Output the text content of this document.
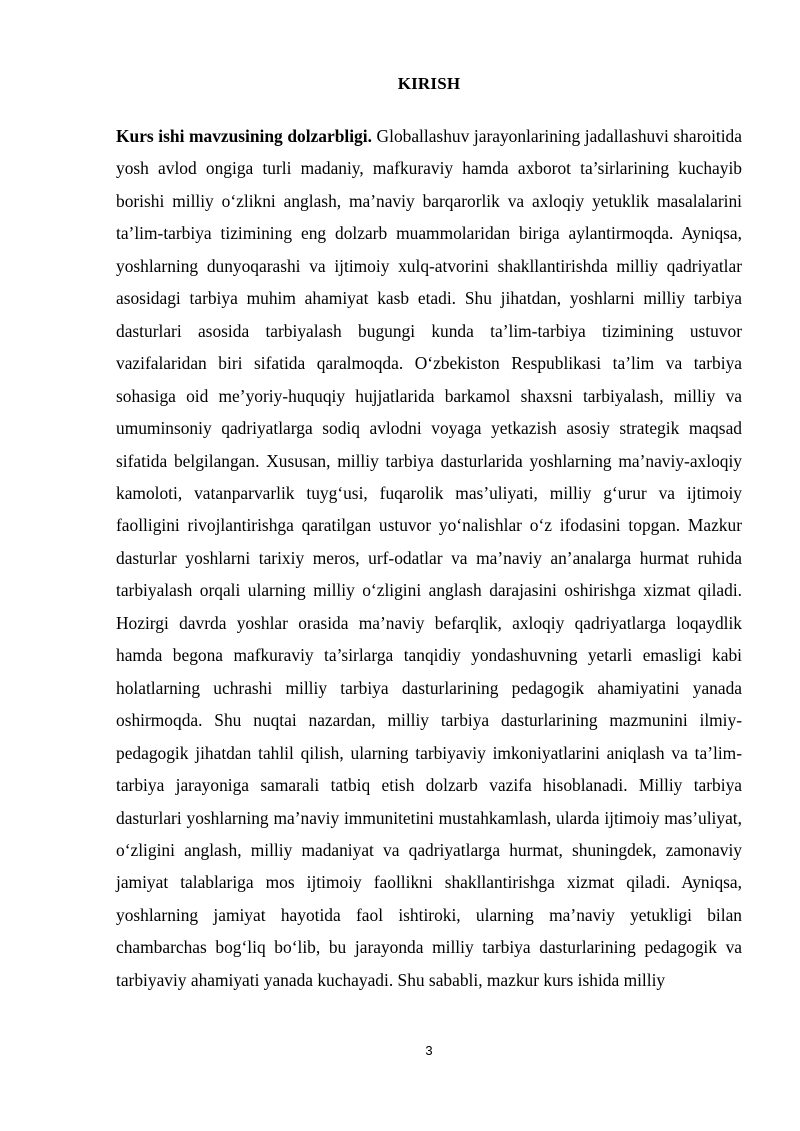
KIRISH

Kurs ishi mavzusining dolzarbligi. Globallashuv jarayonlarining jadallashuvi sharoitida yosh avlod ongiga turli madaniy, mafkuraviy hamda axborot ta’sirlarining kuchayib borishi milliy o‘zlikni anglash, ma’naviy barqarorlik va axloqiy yetuklik masalalarini ta’lim-tarbiya tizimining eng dolzarb muammolaridan biriga aylantirmoqda. Ayniqsa, yoshlarning dunyoqarashi va ijtimoiy xulq-atvorini shakllantirishda milliy qadriyatlar asosidagi tarbiya muhim ahamiyat kasb etadi. Shu jihatdan, yoshlarni milliy tarbiya dasturlari asosida tarbiyalash bugungi kunda ta’lim-tarbiya tizimining ustuvor vazifalaridan biri sifatida qaralmoqda. O‘zbekiston Respublikasi ta’lim va tarbiya sohasiga oid me’yoriy-huquqiy hujjatlarida barkamol shaxsni tarbiyalash, milliy va umuminsoniy qadriyatlarga sodiq avlodni voyaga yetkazish asosiy strategik maqsad sifatida belgilangan. Xususan, milliy tarbiya dasturlarida yoshlarning ma’naviy-axloqiy kamoloti, vatanparvarlik tuyg‘usi, fuqarolik mas’uliyati, milliy g‘urur va ijtimoiy faolligini rivojlantirishga qaratilgan ustuvor yo‘nalishlar o‘z ifodasini topgan. Mazkur dasturlar yoshlarni tarixiy meros, urf-odatlar va ma’naviy an’analarga hurmat ruhida tarbiyalash orqali ularning milliy o‘zligini anglash darajasini oshirishga xizmat qiladi. Hozirgi davrda yoshlar orasida ma’naviy befarqlik, axloqiy qadriyatlarga loqaydlik hamda begona mafkuraviy ta’sirlarga tanqidiy yondashuvning yetarli emasligi kabi holatlarning uchrashi milliy tarbiya dasturlarining pedagogik ahamiyatini yanada oshirmoqda. Shu nuqtai nazardan, milliy tarbiya dasturlarining mazmunini ilmiy-pedagogik jihatdan tahlil qilish, ularning tarbiyaviy imkoniyatlarini aniqlash va ta’lim-tarbiya jarayoniga samarali tatbiq etish dolzarb vazifa hisoblanadi. Milliy tarbiya dasturlari yoshlarning ma’naviy immunitetini mustahkamlash, ularda ijtimoiy mas’uliyat, o‘zligini anglash, milliy madaniyat va qadriyatlarga hurmat, shuningdek, zamonaviy jamiyat talablariga mos ijtimoiy faollikni shakllantirishga xizmat qiladi. Ayniqsa, yoshlarning jamiyat hayotida faol ishtiroki, ularning ma’naviy yetukligi bilan chambarchas bog‘liq bo‘lib, bu jarayonda milliy tarbiya dasturlarining pedagogik va tarbiyaviy ahamiyati yanada kuchayadi. Shu sababli, mazkur kurs ishida milliy

3
